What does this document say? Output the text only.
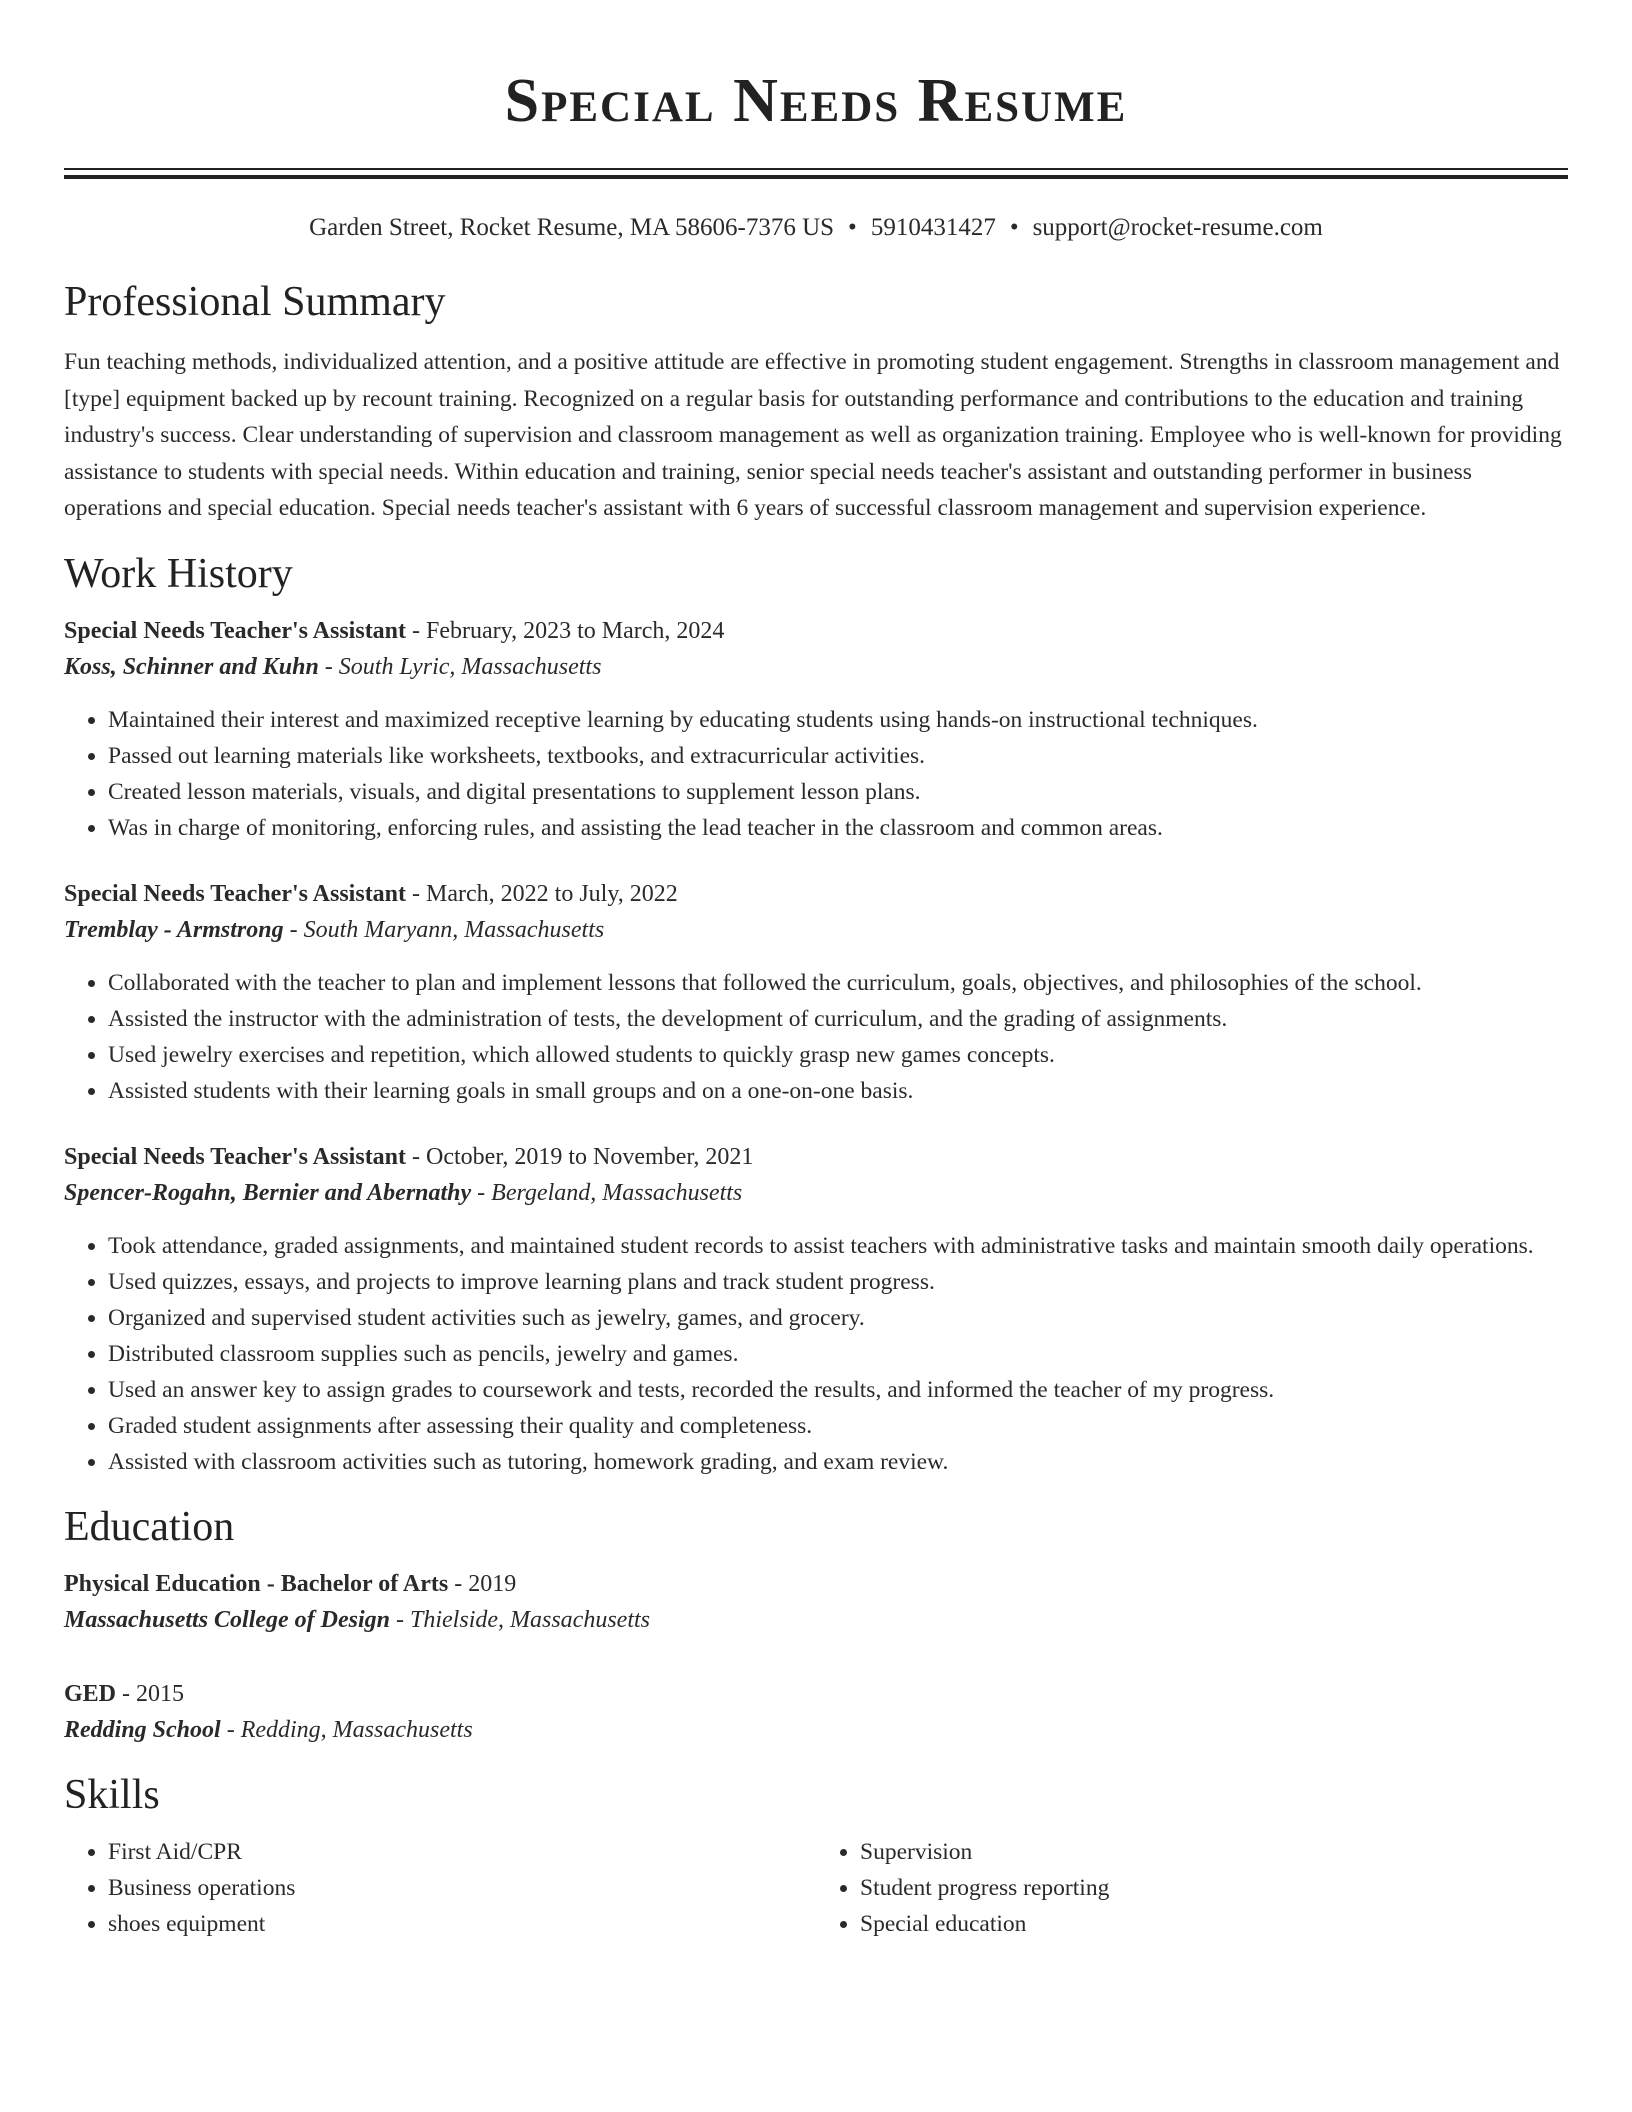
Special Needs Resume
Garden Street, Rocket Resume, MA 58606-7376 US • 5910431427 • support@rocket-resume.com
Professional Summary

Fun teaching methods, individualized attention, and a positive attitude are effective in promoting student engagement. Strengths in classroom management and [type] equipment backed up by recount training. Recognized on a regular basis for outstanding performance and contributions to the education and training industry's success. Clear understanding of supervision and classroom management as well as organization training. Employee who is well-known for providing assistance to students with special needs. Within education and training, senior special needs teacher's assistant and outstanding performer in business operations and special education. Special needs teacher's assistant with 6 years of successful classroom management and supervision experience.

Work History

Special Needs Teacher's Assistant - February, 2023 to March, 2024

Koss, Schinner and Kuhn - South Lyric, Massachusetts

• Maintained their interest and maximized receptive learning by educating students using hands-on instructional techniques.
• Passed out learning materials like worksheets, textbooks, and extracurricular activities.
• Created lesson materials, visuals, and digital presentations to supplement lesson plans.
• Was in charge of monitoring, enforcing rules, and assisting the lead teacher in the classroom and common areas.

Special Needs Teacher's Assistant - March, 2022 to July, 2022

Tremblay - Armstrong - South Maryann, Massachusetts

• Collaborated with the teacher to plan and implement lessons that followed the curriculum, goals, objectives, and philosophies of the school.
• Assisted the instructor with the administration of tests, the development of curriculum, and the grading of assignments.
• Used jewelry exercises and repetition, which allowed students to quickly grasp new games concepts.
• Assisted students with their learning goals in small groups and on a one-on-one basis.

Special Needs Teacher's Assistant - October, 2019 to November, 2021

Spencer-Rogahn, Bernier and Abernathy - Bergeland, Massachusetts

• Took attendance, graded assignments, and maintained student records to assist teachers with administrative tasks and maintain smooth daily operations.
• Used quizzes, essays, and projects to improve learning plans and track student progress.
• Organized and supervised student activities such as jewelry, games, and grocery.
• Distributed classroom supplies such as pencils, jewelry and games.
• Used an answer key to assign grades to coursework and tests, recorded the results, and informed the teacher of my progress.
• Graded student assignments after assessing their quality and completeness.
• Assisted with classroom activities such as tutoring, homework grading, and exam review.
Education

Physical Education - Bachelor of Arts - 2019

Massachusetts College of Design - Thielside, Massachusetts

GED - 2015

Redding School - Redding, Massachusetts

Skills
• First Aid/CPR
• Business operations
• shoes equipment
• Supervision
• Student progress reporting
• Special education
